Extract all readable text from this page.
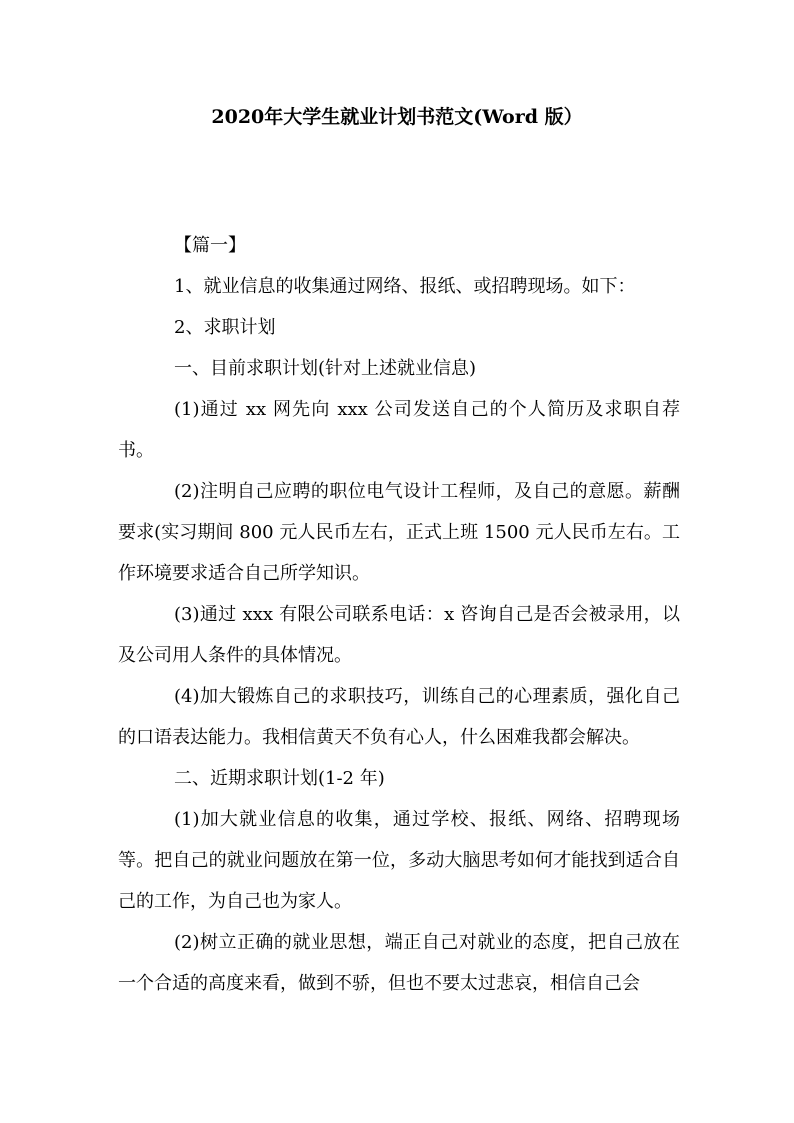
2020年大学生就业计划书范文(Word 版）

【篇一】

1、就业信息的收集通过网络、报纸、或招聘现场。如下：

2、求职计划

一、目前求职计划(针对上述就业信息)

(1)通过 xx 网先向 xxx 公司发送自己的个人简历及求职自荐书。

(2)注明自己应聘的职位电气设计工程师，及自己的意愿。薪酬要求(实习期间 800 元人民币左右，正式上班 1500 元人民币左右。工作环境要求适合自己所学知识。

(3)通过 xxx 有限公司联系电话：x 咨询自己是否会被录用，以及公司用人条件的具体情况。

(4)加大锻炼自己的求职技巧，训练自己的心理素质，强化自己的口语表达能力。我相信黄天不负有心人，什么困难我都会解决。

二、近期求职计划(1-2 年)

(1)加大就业信息的收集，通过学校、报纸、网络、招聘现场等。把自己的就业问题放在第一位，多动大脑思考如何才能找到适合自己的工作，为自己也为家人。

(2)树立正确的就业思想，端正自己对就业的态度，把自己放在一个合适的高度来看，做到不骄，但也不要太过悲哀，相信自己会
